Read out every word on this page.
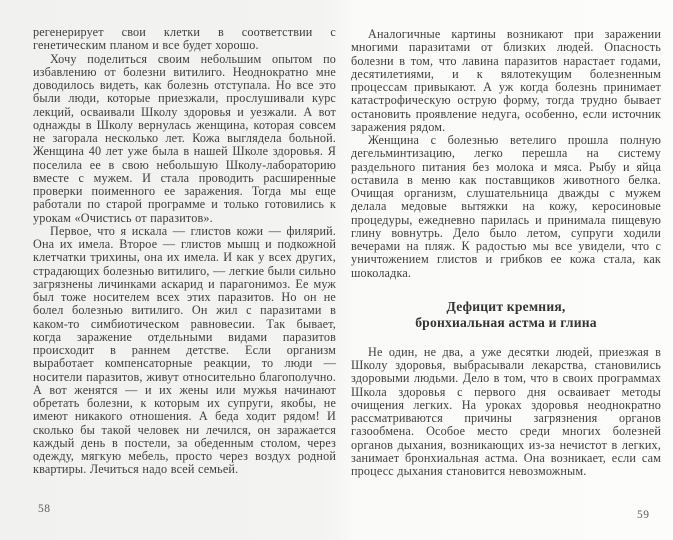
регенерирует свои клетки в соответствии с генетическим планом и все будет хорошо.

Хочу поделиться своим небольшим опытом по избавлению от болезни витилиго. Неоднократно мне доводилось видеть, как болезнь отступала. Но все это были люди, которые приезжали, прослушивали курс лекций, осваивали Школу здоровья и уезжали. А вот однажды в Школу вернулась женщина, которая совсем не загорала несколько лет. Кожа выглядела больной. Женщина 40 лет уже была в нашей Школе здоровья. Я поселила ее в свою небольшую Школу-лабораторию вместе с мужем. И стала проводить расширенные проверки поименного ее заражения. Тогда мы еще работали по старой программе и только готовились к урокам «Очистись от паразитов».

Первое, что я искала — глистов кожи — филярий. Она их имела. Второе — глистов мышц и подкожной клетчатки трихины, она их имела. И как у всех других, страдающих болезнью витилиго, — легкие были сильно загрязнены личинками аскарид и парагонимоз. Ее муж был тоже носителем всех этих паразитов. Но он не болел болезнью витилиго. Он жил с паразитами в каком-то симбиотическом равновесии. Так бывает, когда заражение отдельными видами паразитов происходит в раннем детстве. Если организм выработает компенсаторные реакции, то люди — носители паразитов, живут относительно благополучно. А вот женятся — и их жены или мужья начинают обретать болезни, к которым их супруги, якобы, не имеют никакого отношения. А беда ходит рядом! И сколько бы такой человек ни лечился, он заражается каждый день в постели, за обеденным столом, через одежду, мягкую мебель, просто через воздух родной квартиры. Лечиться надо всей семьей.

58

Аналогичные картины возникают при заражении многими паразитами от близких людей. Опасность болезни в том, что лавина паразитов нарастает годами, десятилетиями, и к вялотекущим болезненным процессам привыкают. А уж когда болезнь принимает катастрофическую острую форму, тогда трудно бывает остановить проявление недуга, особенно, если источник заражения рядом.

Женщина с болезнью ветелиго прошла полную дегельминтизацию, легко перешла на систему раздельного питания без молока и мяса. Рыбу и яйца оставила в меню как поставщиков животного белка. Очищая организм, слушательница дважды с мужем делала медовые вытяжки на кожу, керосиновые процедуры, ежедневно парилась и принимала пищевую глину вовнутрь. Дело было летом, супруги ходили вечерами на пляж. К радостью мы все увидели, что с уничтожением глистов и грибков ее кожа стала, как шоколадка.

Дефицит кремния,
бронхиальная астма и глина

Не один, не два, а уже десятки людей, приезжая в Школу здоровья, выбрасывали лекарства, становились здоровыми людьми. Дело в том, что в своих программах Школа здоровья с первого дня осваивает методы очищения легких. На уроках здоровья неоднократно рассматриваются причины загрязнения органов газообмена. Особое место среди многих болезней органов дыхания, возникающих из-за нечистот в легких, занимает бронхиальная астма. Она возникает, если сам процесс дыхания становится невозможным.

59
